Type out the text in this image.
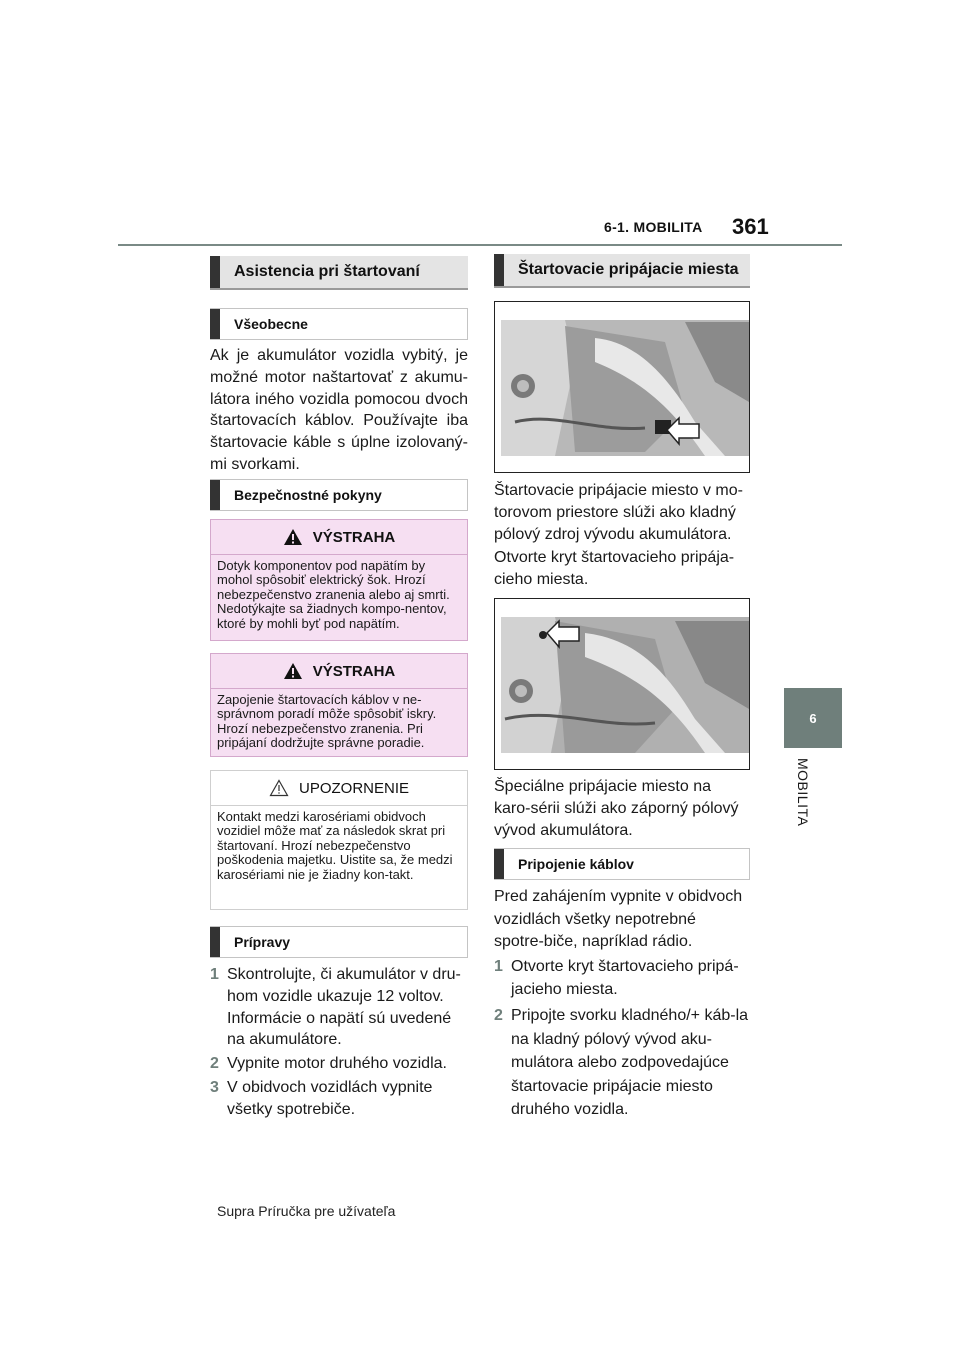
6-1. MOBILITA 361
6
MOBILITA
Asistencia pri štartovaní
Všeobecne
Ak je akumulátor vozidla vybitý, je možné motor naštartovať z akumu-látora iného vozidla pomocou dvoch štartovacích káblov. Používajte iba štartovacie káble s úplne izolovaný-mi svorkami.
Bezpečnostné pokyny
VÝSTRAHA
Dotyk komponentov pod napätím by mohol spôsobiť elektrický šok. Hrozí nebezpečenstvo zranenia alebo aj smrti. Nedotýkajte sa žiadnych kompo-nentov, ktoré by mohli byť pod napätím.
VÝSTRAHA
Zapojenie štartovacích káblov v ne-správnom poradí môže spôsobiť iskry. Hrozí nebezpečenstvo zranenia. Pri pripájaní dodržujte správne poradie.
UPOZORNENIE
Kontakt medzi karosériami obidvoch vozidiel môže mať za následok skrat pri štartovaní. Hrozí nebezpečenstvo poškodenia majetku. Uistite sa, že medzi karosériami nie je žiadny kon-takt.
Prípravy
1 Skontrolujte, či akumulátor v dru-hom vozidle ukazuje 12 voltov. Informácie o napätí sú uvedené na akumulátore.
2 Vypnite motor druhého vozidla.
3 V obidvoch vozidlách vypnite všetky spotrebiče.
Štartovacie pripájacie miesta
Štartovacie pripájacie miesto v mo-torovom priestore slúži ako kladný pólový zdroj vývodu akumulátora.
Otvorte kryt štartovacieho pripája-cieho miesta.
Špeciálne pripájacie miesto na karo-sérii slúži ako záporný pólový vývod akumulátora.
Pripojenie káblov
Pred zahájením vypnite v obidvoch vozidlách všetky nepotrebné spotre-biče, napríklad rádio.
1 Otvorte kryt štartovacieho pripá-jacieho miesta.
2 Pripojte svorku kladného/+ káb-la na kladný pólový vývod aku-mulátora alebo zodpovedajúce štartovacie pripájacie miesto druhého vozidla.
Supra Príručka pre užívateľa
